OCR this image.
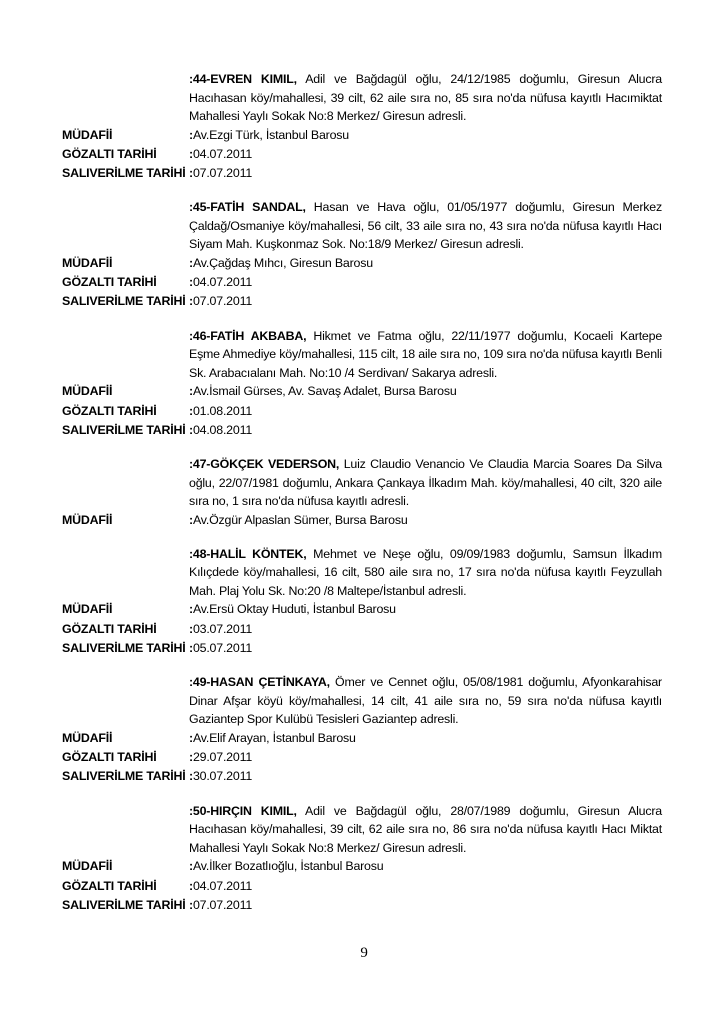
:44-EVREN KIMIL, Adil ve Bağdagül oğlu, 24/12/1985 doğumlu, Giresun Alucra Hacıhasan köy/mahallesi, 39 cilt, 62 aile sıra no, 85 sıra no'da nüfusa kayıtlı Hacımiktat Mahallesi Yaylı Sokak No:8 Merkez/ Giresun adresli.
MÜDAFİİ	:Av.Ezgi Türk, İstanbul Barosu
GÖZALTI TARİHİ	:04.07.2011
SALIVERİLME TARİHİ :07.07.2011
:45-FATİH SANDAL, Hasan ve Hava oğlu, 01/05/1977 doğumlu, Giresun Merkez Çaldağ/Osmaniye köy/mahallesi, 56 cilt, 33 aile sıra no, 43 sıra no'da nüfusa kayıtlı Hacı Siyam Mah. Kuşkonmaz Sok. No:18/9 Merkez/ Giresun adresli.
MÜDAFİİ	:Av.Çağdaş Mıhcı, Giresun Barosu
GÖZALTI TARİHİ	:04.07.2011
SALIVERİLME TARİHİ :07.07.2011
:46-FATİH AKBABA, Hikmet ve Fatma oğlu, 22/11/1977 doğumlu, Kocaeli Kartepe Eşme Ahmediye köy/mahallesi, 115 cilt, 18 aile sıra no, 109 sıra no'da nüfusa kayıtlı Benli Sk. Arabacıalanı Mah. No:10 /4 Serdivan/ Sakarya adresli.
MÜDAFİİ	:Av.İsmail Gürses, Av. Savaş Adalet, Bursa Barosu
GÖZALTI TARİHİ	:01.08.2011
SALIVERİLME TARİHİ :04.08.2011
:47-GÖKÇEK VEDERSON, Luiz Claudio Venancio Ve Claudia Marcia Soares Da Silva oğlu, 22/07/1981 doğumlu, Ankara Çankaya İlkadım Mah. köy/mahallesi, 40 cilt, 320 aile sıra no, 1 sıra no'da nüfusa kayıtlı adresli.
MÜDAFİİ	:Av.Özgür Alpaslan Sümer, Bursa Barosu
:48-HALİL KÖNTEK, Mehmet ve Neşe oğlu, 09/09/1983 doğumlu, Samsun İlkadım Kılıçdede köy/mahallesi, 16 cilt, 580 aile sıra no, 17 sıra no'da nüfusa kayıtlı Feyzullah Mah. Plaj Yolu Sk. No:20 /8 Maltepe/İstanbul adresli.
MÜDAFİİ	:Av.Ersü Oktay Huduti, İstanbul Barosu
GÖZALTI TARİHİ	:03.07.2011
SALIVERİLME TARİHİ :05.07.2011
:49-HASAN ÇETİNKAYA, Ömer ve Cennet oğlu, 05/08/1981 doğumlu, Afyonkarahisar Dinar Afşar köyü köy/mahallesi, 14 cilt, 41 aile sıra no, 59 sıra no'da nüfusa kayıtlı Gaziantep Spor Kulübü Tesisleri Gaziantep adresli.
MÜDAFİİ	:Av.Elif Arayan, İstanbul Barosu
GÖZALTI TARİHİ	:29.07.2011
SALIVERİLME TARİHİ :30.07.2011
:50-HIRÇIN KIMIL, Adil ve Bağdagül oğlu, 28/07/1989 doğumlu, Giresun Alucra Hacıhasan köy/mahallesi, 39 cilt, 62 aile sıra no, 86 sıra no'da nüfusa kayıtlı Hacı Miktat Mahallesi Yaylı Sokak No:8 Merkez/ Giresun adresli.
MÜDAFİİ	:Av.İlker Bozatlıoğlu, İstanbul Barosu
GÖZALTI TARİHİ	:04.07.2011
SALIVERİLME TARİHİ :07.07.2011
9
